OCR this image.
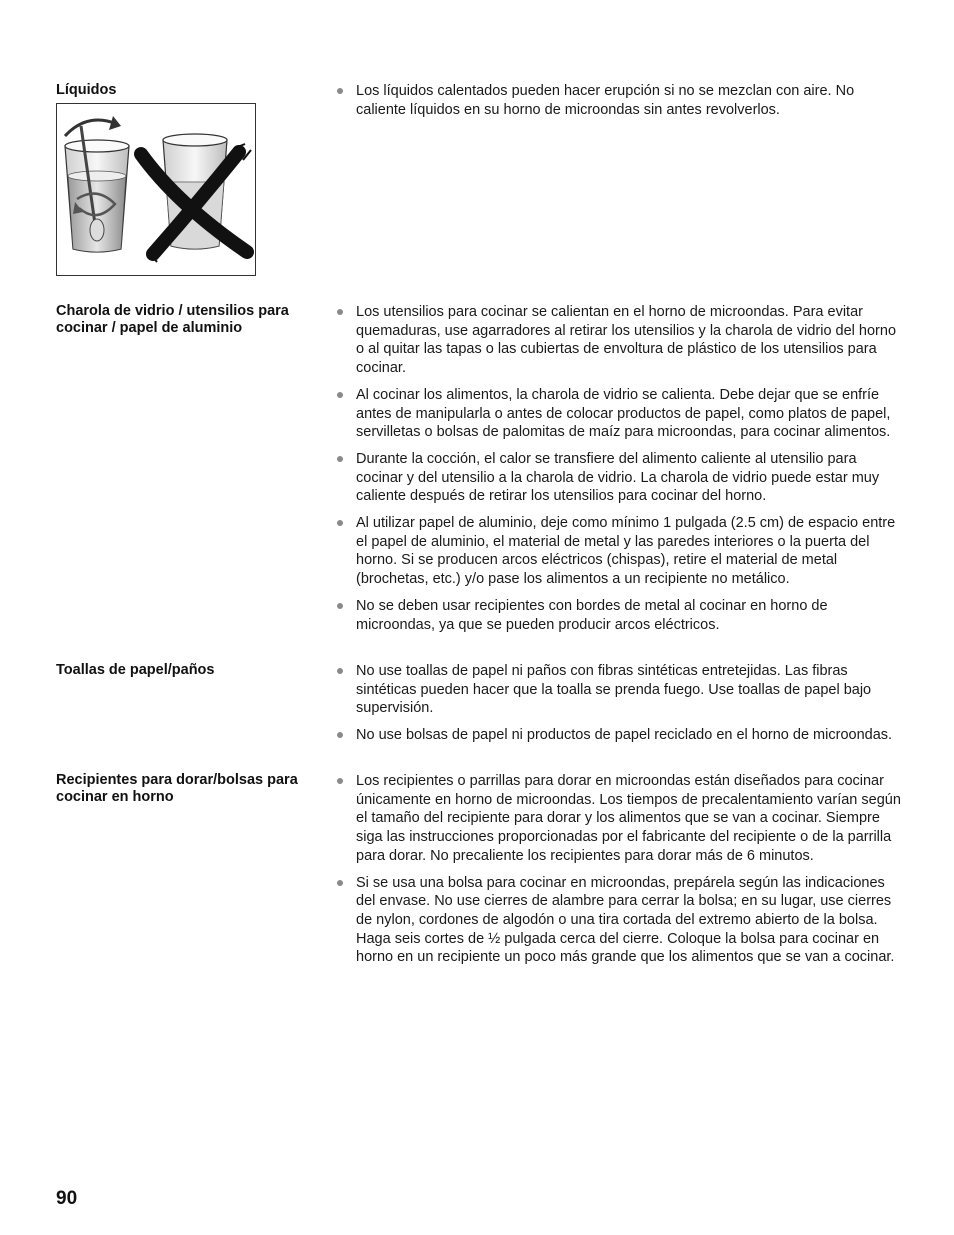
Líquidos	Los líquidos calentados pueden hacer erupción si no se mezclan con aire. No caliente líquidos en su horno de microondas sin antes revolverlos.
Charola de vidrio / utensilios para cocinar / papel de aluminio
Los utensilios para cocinar se calientan en el horno de microondas. Para evitar quemaduras, use agarradores al retirar los utensilios y la charola de vidrio del horno o al quitar las tapas o las cubiertas de envoltura de plástico de los utensilios para cocinar.
Al cocinar los alimentos, la charola de vidrio se calienta. Debe dejar que se enfríe antes de manipularla o antes de colocar productos de papel, como platos de papel, servilletas o bolsas de palomitas de maíz para microondas, para cocinar alimentos.
Durante la cocción, el calor se transfiere del alimento caliente al utensilio para cocinar y del utensilio a la charola de vidrio. La charola de vidrio puede estar muy caliente después de retirar los utensilios para cocinar del horno.
Al utilizar papel de aluminio, deje como mínimo 1 pulgada (2.5 cm) de espacio entre el papel de aluminio, el material de metal y las paredes interiores o la puerta del horno. Si se producen arcos eléctricos (chispas), retire el material de metal (brochetas, etc.) y/o pase los alimentos a un recipiente no metálico.
No se deben usar recipientes con bordes de metal al cocinar en horno de microondas, ya que se pueden producir arcos eléctricos.
Toallas de papel/paños	No use toallas de papel ni paños con fibras sintéticas entretejidas. Las fibras sintéticas pueden hacer que la toalla se prenda fuego. Use toallas de papel bajo supervisión.
No use bolsas de papel ni productos de papel reciclado en el horno de microondas.
Recipientes para dorar/bolsas para cocinar en horno
Los recipientes o parrillas para dorar en microondas están diseñados para cocinar únicamente en horno de microondas. Los tiempos de precalentamiento varían según el tamaño del recipiente para dorar y los alimentos que se van a cocinar. Siempre siga las instrucciones proporcionadas por el fabricante del recipiente o de la parrilla para dorar. No precaliente los recipientes para dorar más de 6 minutos.
Si se usa una bolsa para cocinar en microondas, prepárela según las indicaciones del envase. No use cierres de alambre para cerrar la bolsa; en su lugar, use cierres de nylon, cordones de algodón o una tira cortada del extremo abierto de la bolsa. Haga seis cortes de ½ pulgada cerca del cierre. Coloque la bolsa para cocinar en horno en un recipiente un poco más grande que los alimentos que se van a cocinar.
90
